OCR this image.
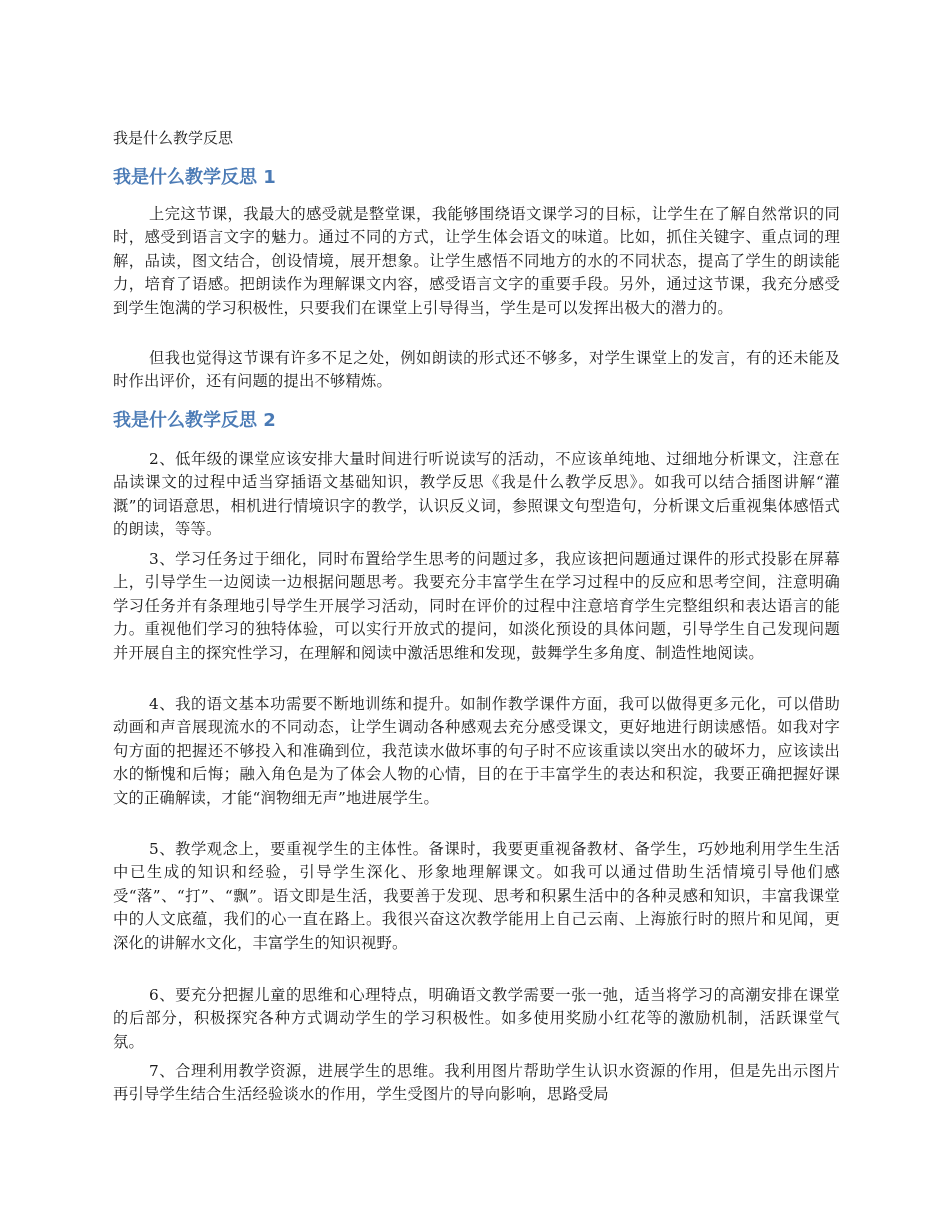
我是什么教学反思

我是什么教学反思 1

上完这节课，我最大的感受就是整堂课，我能够围绕语文课学习的目标，让学生在了解自然常识的同时，感受到语言文字的魅力。通过不同的方式，让学生体会语文的味道。比如，抓住关键字、重点词的理解，品读，图文结合，创设情境，展开想象。让学生感悟不同地方的水的不同状态，提高了学生的朗读能力，培育了语感。把朗读作为理解课文内容，感受语言文字的重要手段。另外，通过这节课，我充分感受到学生饱满的学习积极性，只要我们在课堂上引导得当，学生是可以发挥出极大的潜力的。

但我也觉得这节课有许多不足之处，例如朗读的形式还不够多，对学生课堂上的发言，有的还未能及时作出评价，还有问题的提出不够精炼。

我是什么教学反思 2

2、低年级的课堂应该安排大量时间进行听说读写的活动，不应该单纯地、过细地分析课文，注意在品读课文的过程中适当穿插语文基础知识，教学反思《我是什么教学反思》。如我可以结合插图讲解“灌溉”的词语意思，相机进行情境识字的教学，认识反义词，参照课文句型造句，分析课文后重视集体感悟式的朗读，等等。

3、学习任务过于细化，同时布置给学生思考的问题过多，我应该把问题通过课件的形式投影在屏幕上，引导学生一边阅读一边根据问题思考。我要充分丰富学生在学习过程中的反应和思考空间，注意明确学习任务并有条理地引导学生开展学习活动，同时在评价的过程中注意培育学生完整组织和表达语言的能力。重视他们学习的独特体验，可以实行开放式的提问，如淡化预设的具体问题，引导学生自己发现问题并开展自主的探究性学习，在理解和阅读中激活思维和发现，鼓舞学生多角度、制造性地阅读。

4、我的语文基本功需要不断地训练和提升。如制作教学课件方面，我可以做得更多元化，可以借助动画和声音展现流水的不同动态，让学生调动各种感观去充分感受课文，更好地进行朗读感悟。如我对字句方面的把握还不够投入和准确到位，我范读水做坏事的句子时不应该重读以突出水的破坏力，应该读出水的惭愧和后悔；融入角色是为了体会人物的心情，目的在于丰富学生的表达和积淀，我要正确把握好课文的正确解读，才能“润物细无声”地进展学生。

5、教学观念上，要重视学生的主体性。备课时，我要更重视备教材、备学生，巧妙地利用学生生活中已生成的知识和经验，引导学生深化、形象地理解课文。如我可以通过借助生活情境引导他们感受“落”、“打”、“飘”。语文即是生活，我要善于发现、思考和积累生活中的各种灵感和知识，丰富我课堂中的人文底蕴，我们的心一直在路上。我很兴奋这次教学能用上自己云南、上海旅行时的照片和见闻，更深化的讲解水文化，丰富学生的知识视野。

6、要充分把握儿童的思维和心理特点，明确语文教学需要一张一弛，适当将学习的高潮安排在课堂的后部分，积极探究各种方式调动学生的学习积极性。如多使用奖励小红花等的激励机制，活跃课堂气氛。

7、合理利用教学资源，进展学生的思维。我利用图片帮助学生认识水资源的作用，但是先出示图片再引导学生结合生活经验谈水的作用，学生受图片的导向影响，思路受局
